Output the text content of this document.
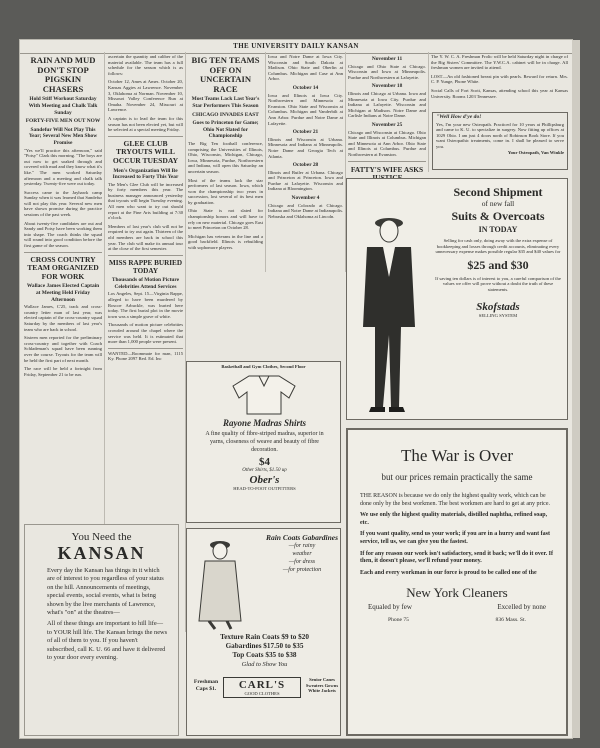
THE UNIVERSITY DAILY KANSAN
RAIN AND MUD DON'T STOP PIGSKIN CHASERS
Hold Stiff Workout Saturday With Meeting and Chalk Talk Sunday
FORTY-FIVE MEN OUT NOW
Sandefur Will Not Play This Year; Several New Men Show Promise
"Yes we'll practice this afternoon," said "Potsy" Clark this morning. "The boys are out now to get soaked through and covered with mud and they know what it's like." The men worked Saturday afternoon and a meeting and chalk talk yesterday. Twenty-five were out today.
Success came to the Jayhawk camp Sunday when it was learned that Sandefur will not play this year. Several new men have shown promise during the practice sessions of the past week.
About twenty-five candidates are out and Sandy and Potsy have been working them into shape. The coach thinks the squad will round into good condition before the first game of the season.
CROSS COUNTRY TEAM ORGANIZED FOR WORK
Wallace James Elected Captain at Meeting Held Friday Afternoon
Wallace James, C'25, track and cross-country letter man of last year, was elected captain of the cross-country squad Saturday by the members of last year's team who are back in school.
Sixteen men reported for the preliminary cross-country and together with Coach Schlademan's squad have been running over the course. Tryouts for the team will be held the first part of next month.
The race will be held a fortnight from Friday, September 21 to be run.
ascertain the quantity and caliber of the material available. The team has a full schedule for the season which is as follows:
October 12, Ames at Ames. October 20, Kansas Aggies at Lawrence. November 3, Oklahoma at Norman. November 10, Missouri Valley Conference Run at Omaha. November 24, Missouri at Lawrence.
A captain is to lead the team for this season has not been elected yet, but will be selected at a special meeting Friday.
GLEE CLUB TRYOUTS WILL OCCUR TUESDAY
Men's Organization Will Be Increased to Forty This Year
The Men's Glee Club will be increased by forty members this year. The business manager announced yesterday that tryouts will begin Tuesday evening. All men who want to try out should report at the Fine Arts building at 7:30 o'clock.
Members of last year's club will not be required to try out again. Thirteen of the old members are back in school this year. The club will make its annual tour at the close of the first semester.
MISS RAPPE BURIED TODAY
Thousands of Motion Picture Celebrities Attend Services
Los Angeles, Sept. 15—Virginia Rappe, alleged to have been murdered by Roscoe Arbuckle, was buried here today. The first burial plot in the movie town was a simple grave of white.
Thousands of motion picture celebrities crowded around the chapel where the service was held. It is estimated that more than 1,000 people were present.
WANTED—Roommate for man, 1115 Ky. Phone 2097 Red. Ed. Inc
BIG TEN TEAMS OFF ON UNCERTAIN RACE
Most Teams Lack Last Year's Star Performers This Season
CHICAGO INVADES EAST
Goes to Princeton for Game; Ohio Not Slated for Championship
The Big Ten football conference, comprising the Universities of Illinois, Ohio, Wisconsin, Michigan, Chicago, Iowa, Minnesota, Purdue, Northwestern and Indiana, will open this Saturday an uncertain season.
Most of the teams lack the star performers of last season. Iowa, which won the championship two years in succession, lost several of its best men by graduation.
Ohio State is not slated for championship honors and will have to rely on new material. Chicago goes East to meet Princeton on October 28.
Michigan has veterans in the line and a good backfield. Illinois is rebuilding with sophomore players.
Iowa and Notre Dame at Iowa City. Wisconsin and South Dakota at Madison. Ohio State and Oberlin at Columbus. Michigan and Case at Ann Arbor.
October 14
Iowa and Illinois at Iowa City. Northwestern and Minnesota at Evanston. Ohio State and Wisconsin at Columbus. Michigan and Vanderbilt at Ann Arbor. Purdue and Notre Dame at Lafayette.
October 21
Illinois and Wisconsin at Urbana. Minnesota and Indiana at Minneapolis. Notre Dame and Georgia Tech at Atlanta.
October 28
Illinois and Butler at Urbana. Chicago and Princeton at Princeton. Iowa and Purdue at Lafayette. Wisconsin and Indiana at Bloomington.
November 4
Chicago and Colorado at Chicago. Indiana and Notre Dame at Indianapolis. Nebraska and Oklahoma at Lincoln.
November 11
Chicago and Ohio State at Chicago. Wisconsin and Iowa at Minneapolis. Purdue and Northwestern at Lafayette.
November 18
Illinois and Chicago at Urbana. Iowa and Minnesota at Iowa City. Purdue and Indiana at Lafayette. Wisconsin and Michigan at Madison. Notre Dame and Carlisle Indians at Notre Dame.
November 25
Chicago and Wisconsin at Chicago. Ohio State and Illinois at Columbus. Michigan and Minnesota at Ann Arbor. Ohio State and Illinois at Columbus. Purdue and Northwestern at Evanston.
FATTY'S WIFE ASKS
The Y. W. C. A. Freshman Frolic will be held Saturday night in charge of the Big Sisters' Committee. The Y.W.C.A. cabinet will be in charge. All freshman women are invited to attend.
LOST—An old fashioned breast pin with pearls. Reward for return. Mrs. C. P. Yunge, Phone White.
Social Calls of Fort Scott, Kansas, attending school this year at Kansas University. Rooms 1203 Tennessee.
"Well How d'ye do!
Yes, I'm your new Osteopath. Practiced for 10 years at Phillipsburg and came to K. U. to specialize in surgery. Now fitting up offices at 1029 Ohio. I am just 4 doors north of Robinson Book Store. If you want Osteopathic treatments, come in. I shall be pleased to serve you.
Your Osteopath, Van Winkle
Second Shipment
of new fall
Suits & Overcoats
IN TODAY
Selling for cash only, doing away with the extra expense of bookkeeping and losses through credit accounts, eliminating every unnecessary expense makes possible regular $35 and $40 values for
$25 and $30
If saving ten dollars is of interest to you, a careful comparison of the values we offer will prove without a doubt the truth of these statements.
Skofstads
SELLING SYSTEM
Basketball and Gym Clothes, Second Floor
Rayone Madras Shirts
A fine quality of fibre-striped madras, superior in yarns, closeness of weave and beauty of fibre decoration.
$4
Other Shirts, $1.50 up
Ober's
HEAD-TO-FOOT OUTFITTERS
Rain Coats Gabardines
—for rainy
weather
—for dress
—for protection
Texture Rain Coats $9 to $20
Gabardines $17.50 to $35
Top Coats $35 to $38
Glad to Show You
Freshman Caps $1.	CARL'S
GOOD CLOTHES
Senior Canes Sweaters Gowns White Jackets
You Need the
KANSAN
Every day the Kansan has things in it which are of interest to you regardless of your status on the hill. Announcements of meetings, special events, social events, what is being shown by the live merchants of Lawrence, what's "on" at the theatres—
All of these things are important to hill life—to YOUR hill life. The Kansan brings the news of all of them to you. If you haven't subscribed, call K. U. 66 and have it delivered to your door every evening.
The War is Over
but our prices remain practically the same
THE REASON is because we do only the highest quality work, which can be done only by the best workmen. The best workmen are hard to get at any price.
We use only the highest quality materials, distilled naphtha, refined soap, etc.
If you want quality, send us your work; if you are in a hurry and want fast service, tell us, we can give you the fastest.
If for any reason our work isn't satisfactory, send it back; we'll do it over. If then, it doesn't please, we'll refund your money.
Each and every workman in our force is proud to be called one of the
New York Cleaners
Equaled by few	Excelled by none
Phone 75	836 Mass. St.
